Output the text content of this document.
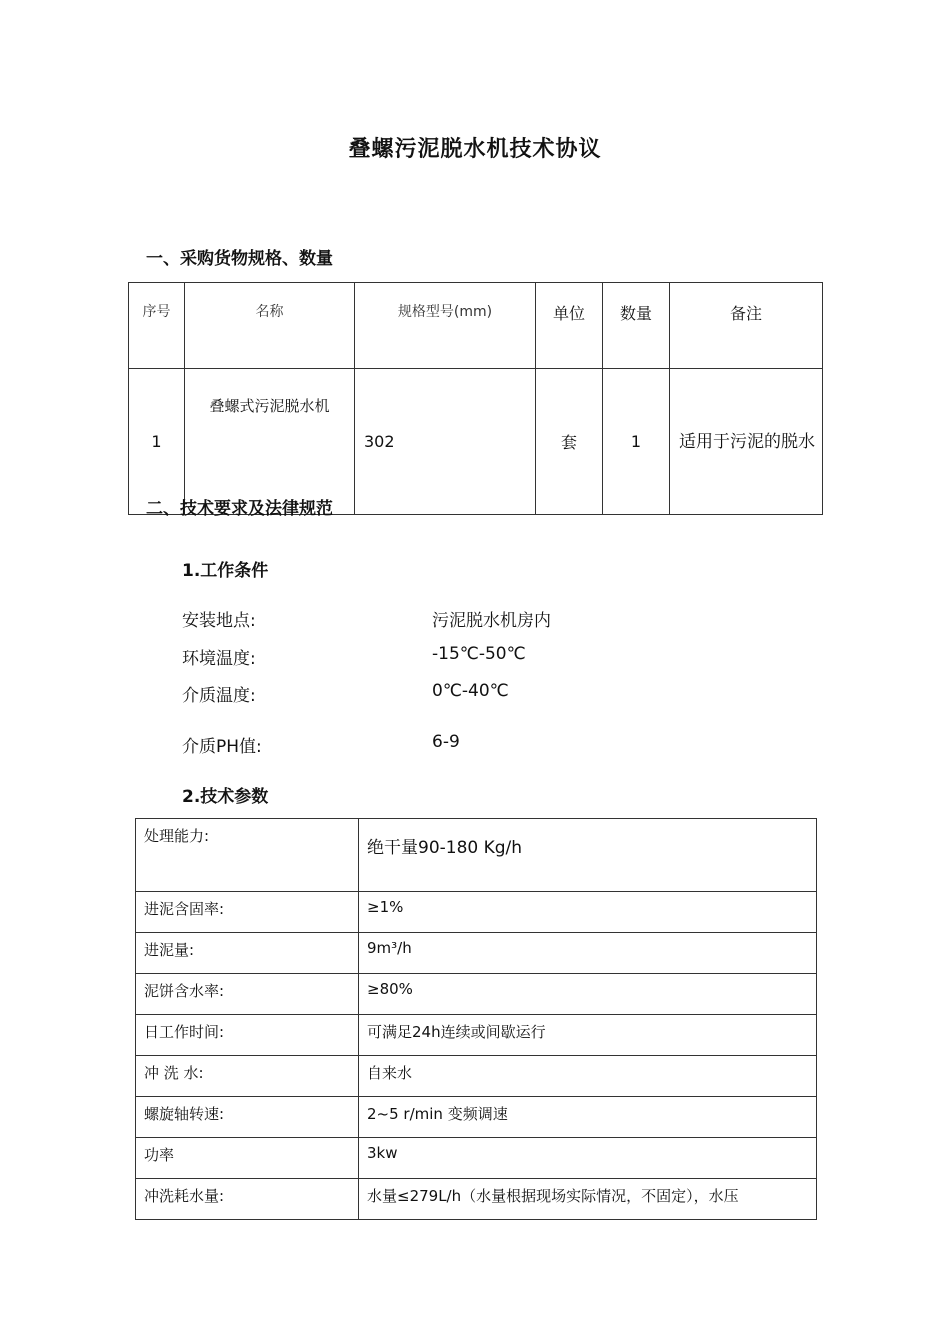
叠螺污泥脱水机技术协议
一、采购货物规格、数量
序号	名称	规格型号(mm)	单位	数量	备注
1	叠螺式污泥脱水机	302	套	1	适用于污泥的脱水
二、技术要求及法律规范
1.工作条件
安装地点:	污泥脱水机房内
环境温度:	-15℃-50℃
介质温度:	0℃-40℃
介质PH值:	6-9
2.技术参数
处理能力:	绝干量90-180 Kg/h
进泥含固率:	≥1%
进泥量:	9m³/h
泥饼含水率:	≥80%
日工作时间:	可满足24h连续或间歇运行
冲 洗 水:	自来水
螺旋轴转速:	2~5 r/min 变频调速
功率	3kw
冲洗耗水量:	水量≤279L/h（水量根据现场实际情况，不固定），水压
